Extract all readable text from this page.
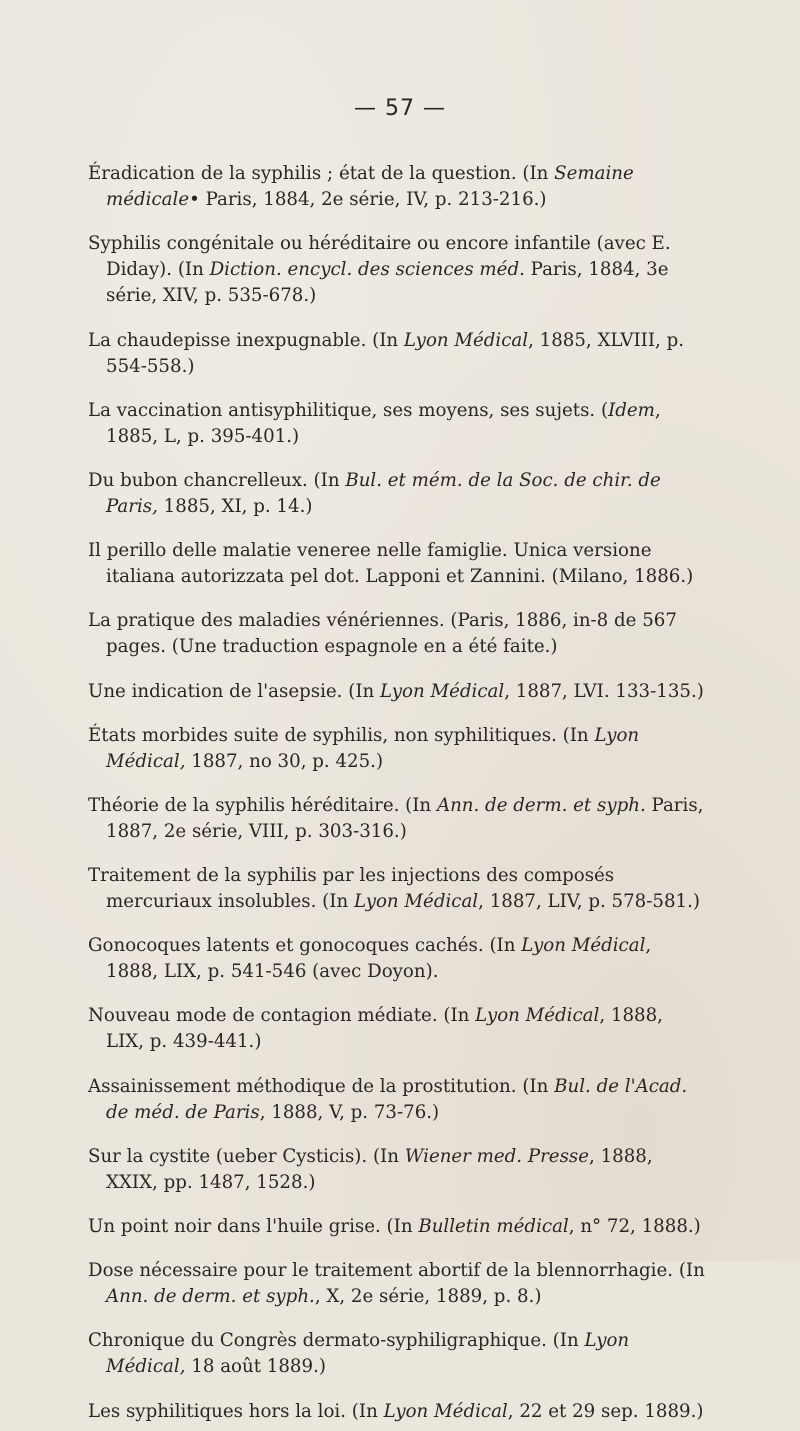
— 57 —

Éradication de la syphilis ; état de la question. (In Semaine médicale• Paris, 1884, 2e série, IV, p. 213-216.)

Syphilis congénitale ou héréditaire ou encore infantile (avec E. Diday). (In Diction. encycl. des sciences méd. Paris, 1884, 3e série, XIV, p. 535-678.)

La chaudepisse inexpugnable. (In Lyon Médical, 1885, XLVIII, p. 554-558.)

La vaccination antisyphilitique, ses moyens, ses sujets. (Idem, 1885, L, p. 395-401.)

Du bubon chancrelleux. (In Bul. et mém. de la Soc. de chir. de Paris, 1885, XI, p. 14.)

Il perillo delle malatie veneree nelle famiglie. Unica versione italiana autorizzata pel dot. Lapponi et Zannini. (Milano, 1886.)

La pratique des maladies vénériennes. (Paris, 1886, in-8 de 567 pages. (Une traduction espagnole en a été faite.)

Une indication de l'asepsie. (In Lyon Médical, 1887, LVI. 133-135.)

États morbides suite de syphilis, non syphilitiques. (In Lyon Médical, 1887, no 30, p. 425.)

Théorie de la syphilis héréditaire. (In Ann. de derm. et syph. Paris, 1887, 2e série, VIII, p. 303-316.)

Traitement de la syphilis par les injections des composés mercuriaux insolubles. (In Lyon Médical, 1887, LIV, p. 578-581.)

Gonocoques latents et gonocoques cachés. (In Lyon Médical, 1888, LIX, p. 541-546 (avec Doyon).

Nouveau mode de contagion médiate. (In Lyon Médical, 1888, LIX, p. 439-441.)

Assainissement méthodique de la prostitution. (In Bul. de l'Acad. de méd. de Paris, 1888, V, p. 73-76.)

Sur la cystite (ueber Cysticis). (In Wiener med. Presse, 1888, XXIX, pp. 1487, 1528.)

Un point noir dans l'huile grise. (In Bulletin médical, n° 72, 1888.)

Dose nécessaire pour le traitement abortif de la blennorrhagie. (In Ann. de derm. et syph., X, 2e série, 1889, p. 8.)

Chronique du Congrès dermato-syphiligraphique. (In Lyon Médical, 18 août 1889.)

Les syphilitiques hors la loi. (In Lyon Médical, 22 et 29 sep. 1889.)
